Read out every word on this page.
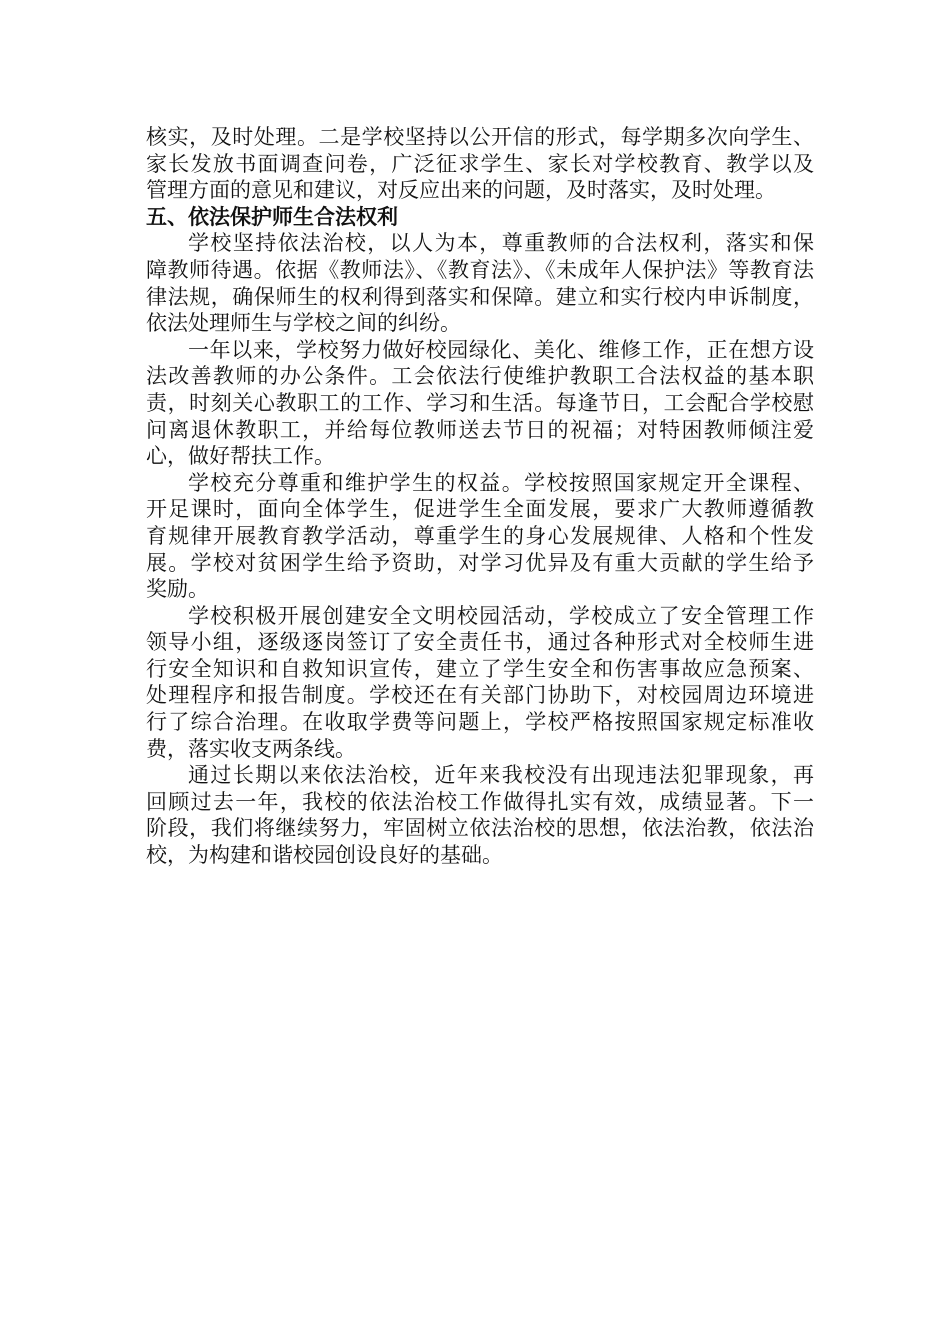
核实，及时处理。二是学校坚持以公开信的形式，每学期多次向学生、
家长发放书面调查问卷，广泛征求学生、家长对学校教育、教学以及
管理方面的意见和建议，对反应出来的问题，及时落实，及时处理。
五、依法保护师生合法权利
学校坚持依法治校，以人为本，尊重教师的合法权利，落实和保
障教师待遇。依据《教师法》、《教育法》、《未成年人保护法》等教育法
律法规，确保师生的权利得到落实和保障。建立和实行校内申诉制度，
依法处理师生与学校之间的纠纷。
一年以来，学校努力做好校园绿化、美化、维修工作，正在想方设
法改善教师的办公条件。工会依法行使维护教职工合法权益的基本职
责，时刻关心教职工的工作、学习和生活。每逢节日，工会配合学校慰
问离退休教职工，并给每位教师送去节日的祝福；对特困教师倾注爱
心，做好帮扶工作。
学校充分尊重和维护学生的权益。学校按照国家规定开全课程、
开足课时，面向全体学生，促进学生全面发展，要求广大教师遵循教
育规律开展教育教学活动，尊重学生的身心发展规律、人格和个性发
展。学校对贫困学生给予资助，对学习优异及有重大贡献的学生给予
奖励。
学校积极开展创建安全文明校园活动，学校成立了安全管理工作
领导小组，逐级逐岗签订了安全责任书，通过各种形式对全校师生进
行安全知识和自救知识宣传，建立了学生安全和伤害事故应急预案、
处理程序和报告制度。学校还在有关部门协助下，对校园周边环境进
行了综合治理。在收取学费等问题上，学校严格按照国家规定标准收
费，落实收支两条线。
通过长期以来依法治校，近年来我校没有出现违法犯罪现象，再
回顾过去一年，我校的依法治校工作做得扎实有效，成绩显著。下一
阶段，我们将继续努力，牢固树立依法治校的思想，依法治教，依法治
校，为构建和谐校园创设良好的基础。
